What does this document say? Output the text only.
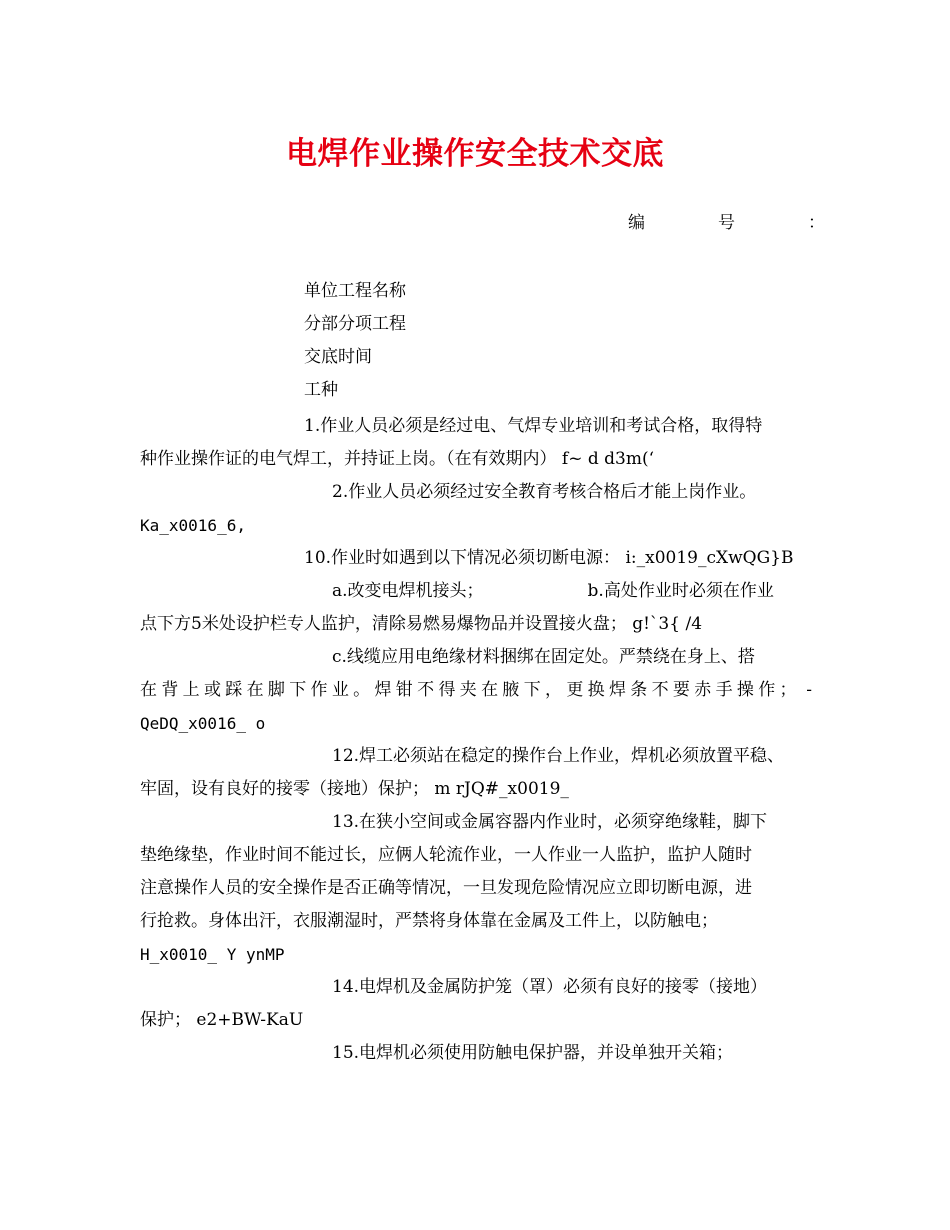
电焊作业操作安全技术交底
编	号	：
单位工程名称
分部分项工程
交底时间
工种
1.作业人员必须是经过电、气焊专业培训和考试合格，取得特
种作业操作证的电气焊工，并持证上岗。（在有效期内） f~ d d3m(‘
2.作业人员必须经过安全教育考核合格后才能上岗作业。
Ka_x0016_6,
10.作业时如遇到以下情况必须切断电源： i:_x0019_cXwQG}B
a.改变电焊机接头；	b.高处作业时必须在作业
点下方5米处设护栏专人监护，清除易燃易爆物品并设置接火盘； g!`3{ /4
c.线缆应用电绝缘材料捆绑在固定处。严禁绕在身上、搭
在背上或踩在脚下作业。焊钳不得夹在腋下，更换焊条不要赤手操作； -
QeDQ_x0016_ o
12.焊工必须站在稳定的操作台上作业，焊机必须放置平稳、
牢固，设有良好的接零（接地）保护； m rJQ#_x0019_
13.在狭小空间或金属容器内作业时，必须穿绝缘鞋，脚下
垫绝缘垫，作业时间不能过长，应俩人轮流作业，一人作业一人监护，监护人随时
注意操作人员的安全操作是否正确等情况，一旦发现危险情况应立即切断电源，进
行抢救。身体出汗，衣服潮湿时，严禁将身体靠在金属及工件上，以防触电；
H_x0010_ Y ynMP
14.电焊机及金属防护笼（罩）必须有良好的接零（接地）
保护； e2+BW-KaU
15.电焊机必须使用防触电保护器，并设单独开关箱；
